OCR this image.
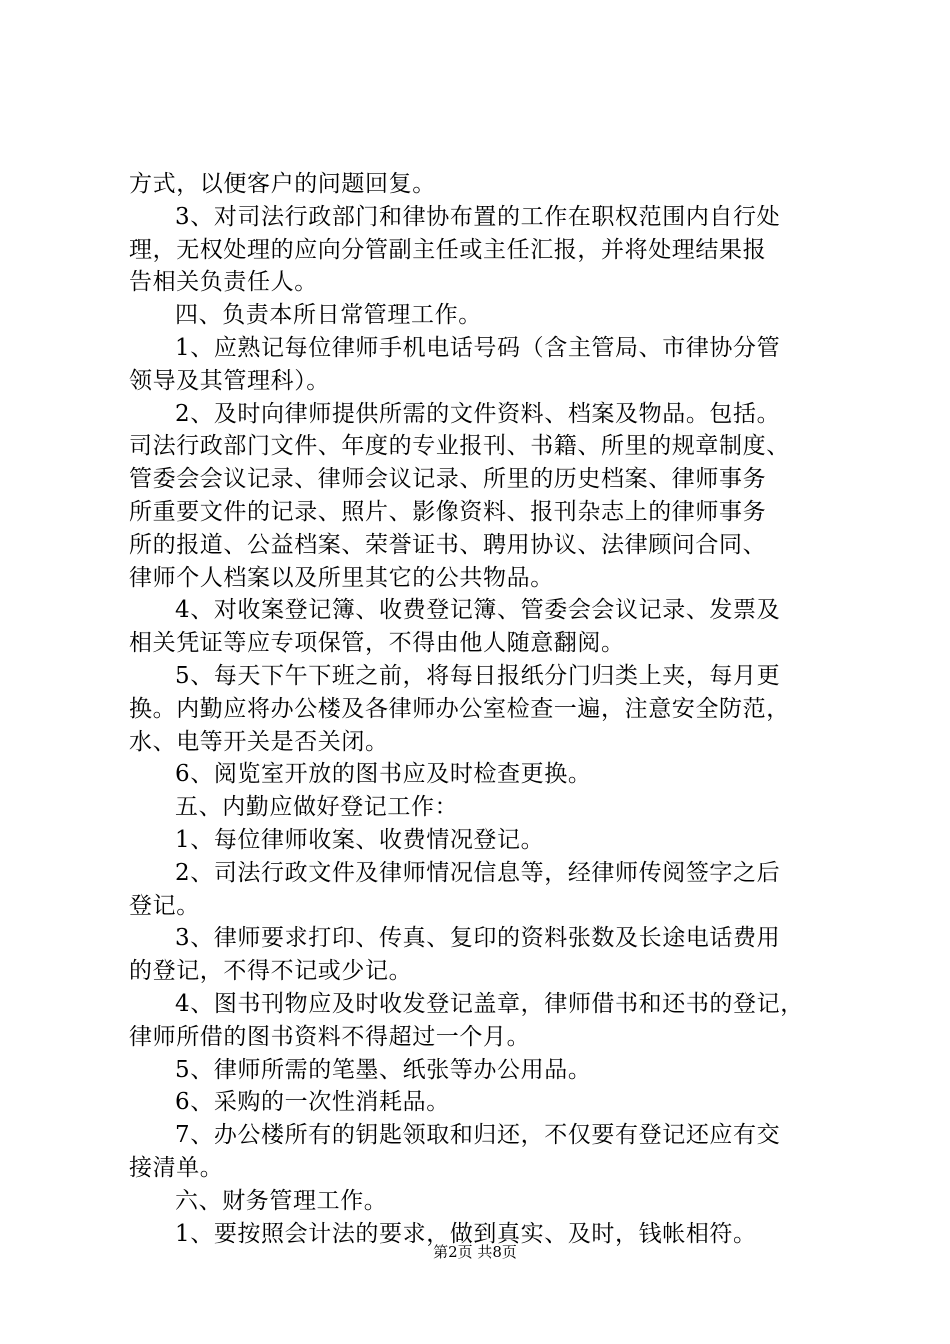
方式，以便客户的问题回复。
3、对司法行政部门和律协布置的工作在职权范围内自行处
理，无权处理的应向分管副主任或主任汇报，并将处理结果报
告相关负责任人。
四、负责本所日常管理工作。
1、应熟记每位律师手机电话号码（含主管局、市律协分管
领导及其管理科）。
2、及时向律师提供所需的文件资料、档案及物品。包括。
司法行政部门文件、年度的专业报刊、书籍、所里的规章制度、
管委会会议记录、律师会议记录、所里的历史档案、律师事务
所重要文件的记录、照片、影像资料、报刊杂志上的律师事务
所的报道、公益档案、荣誉证书、聘用协议、法律顾问合同、
律师个人档案以及所里其它的公共物品。
4、对收案登记簿、收费登记簿、管委会会议记录、发票及
相关凭证等应专项保管，不得由他人随意翻阅。
5、每天下午下班之前，将每日报纸分门归类上夹，每月更
换。内勤应将办公楼及各律师办公室检查一遍，注意安全防范，
水、电等开关是否关闭。
6、阅览室开放的图书应及时检查更换。
五、内勤应做好登记工作：
1、每位律师收案、收费情况登记。
2、司法行政文件及律师情况信息等，经律师传阅签字之后
登记。
3、律师要求打印、传真、复印的资料张数及长途电话费用
的登记，不得不记或少记。
4、图书刊物应及时收发登记盖章，律师借书和还书的登记，
律师所借的图书资料不得超过一个月。
5、律师所需的笔墨、纸张等办公用品。
6、采购的一次性消耗品。
7、办公楼所有的钥匙领取和归还，不仅要有登记还应有交
接清单。
六、财务管理工作。
1、要按照会计法的要求，做到真实、及时，钱帐相符。
第2页 共8页
